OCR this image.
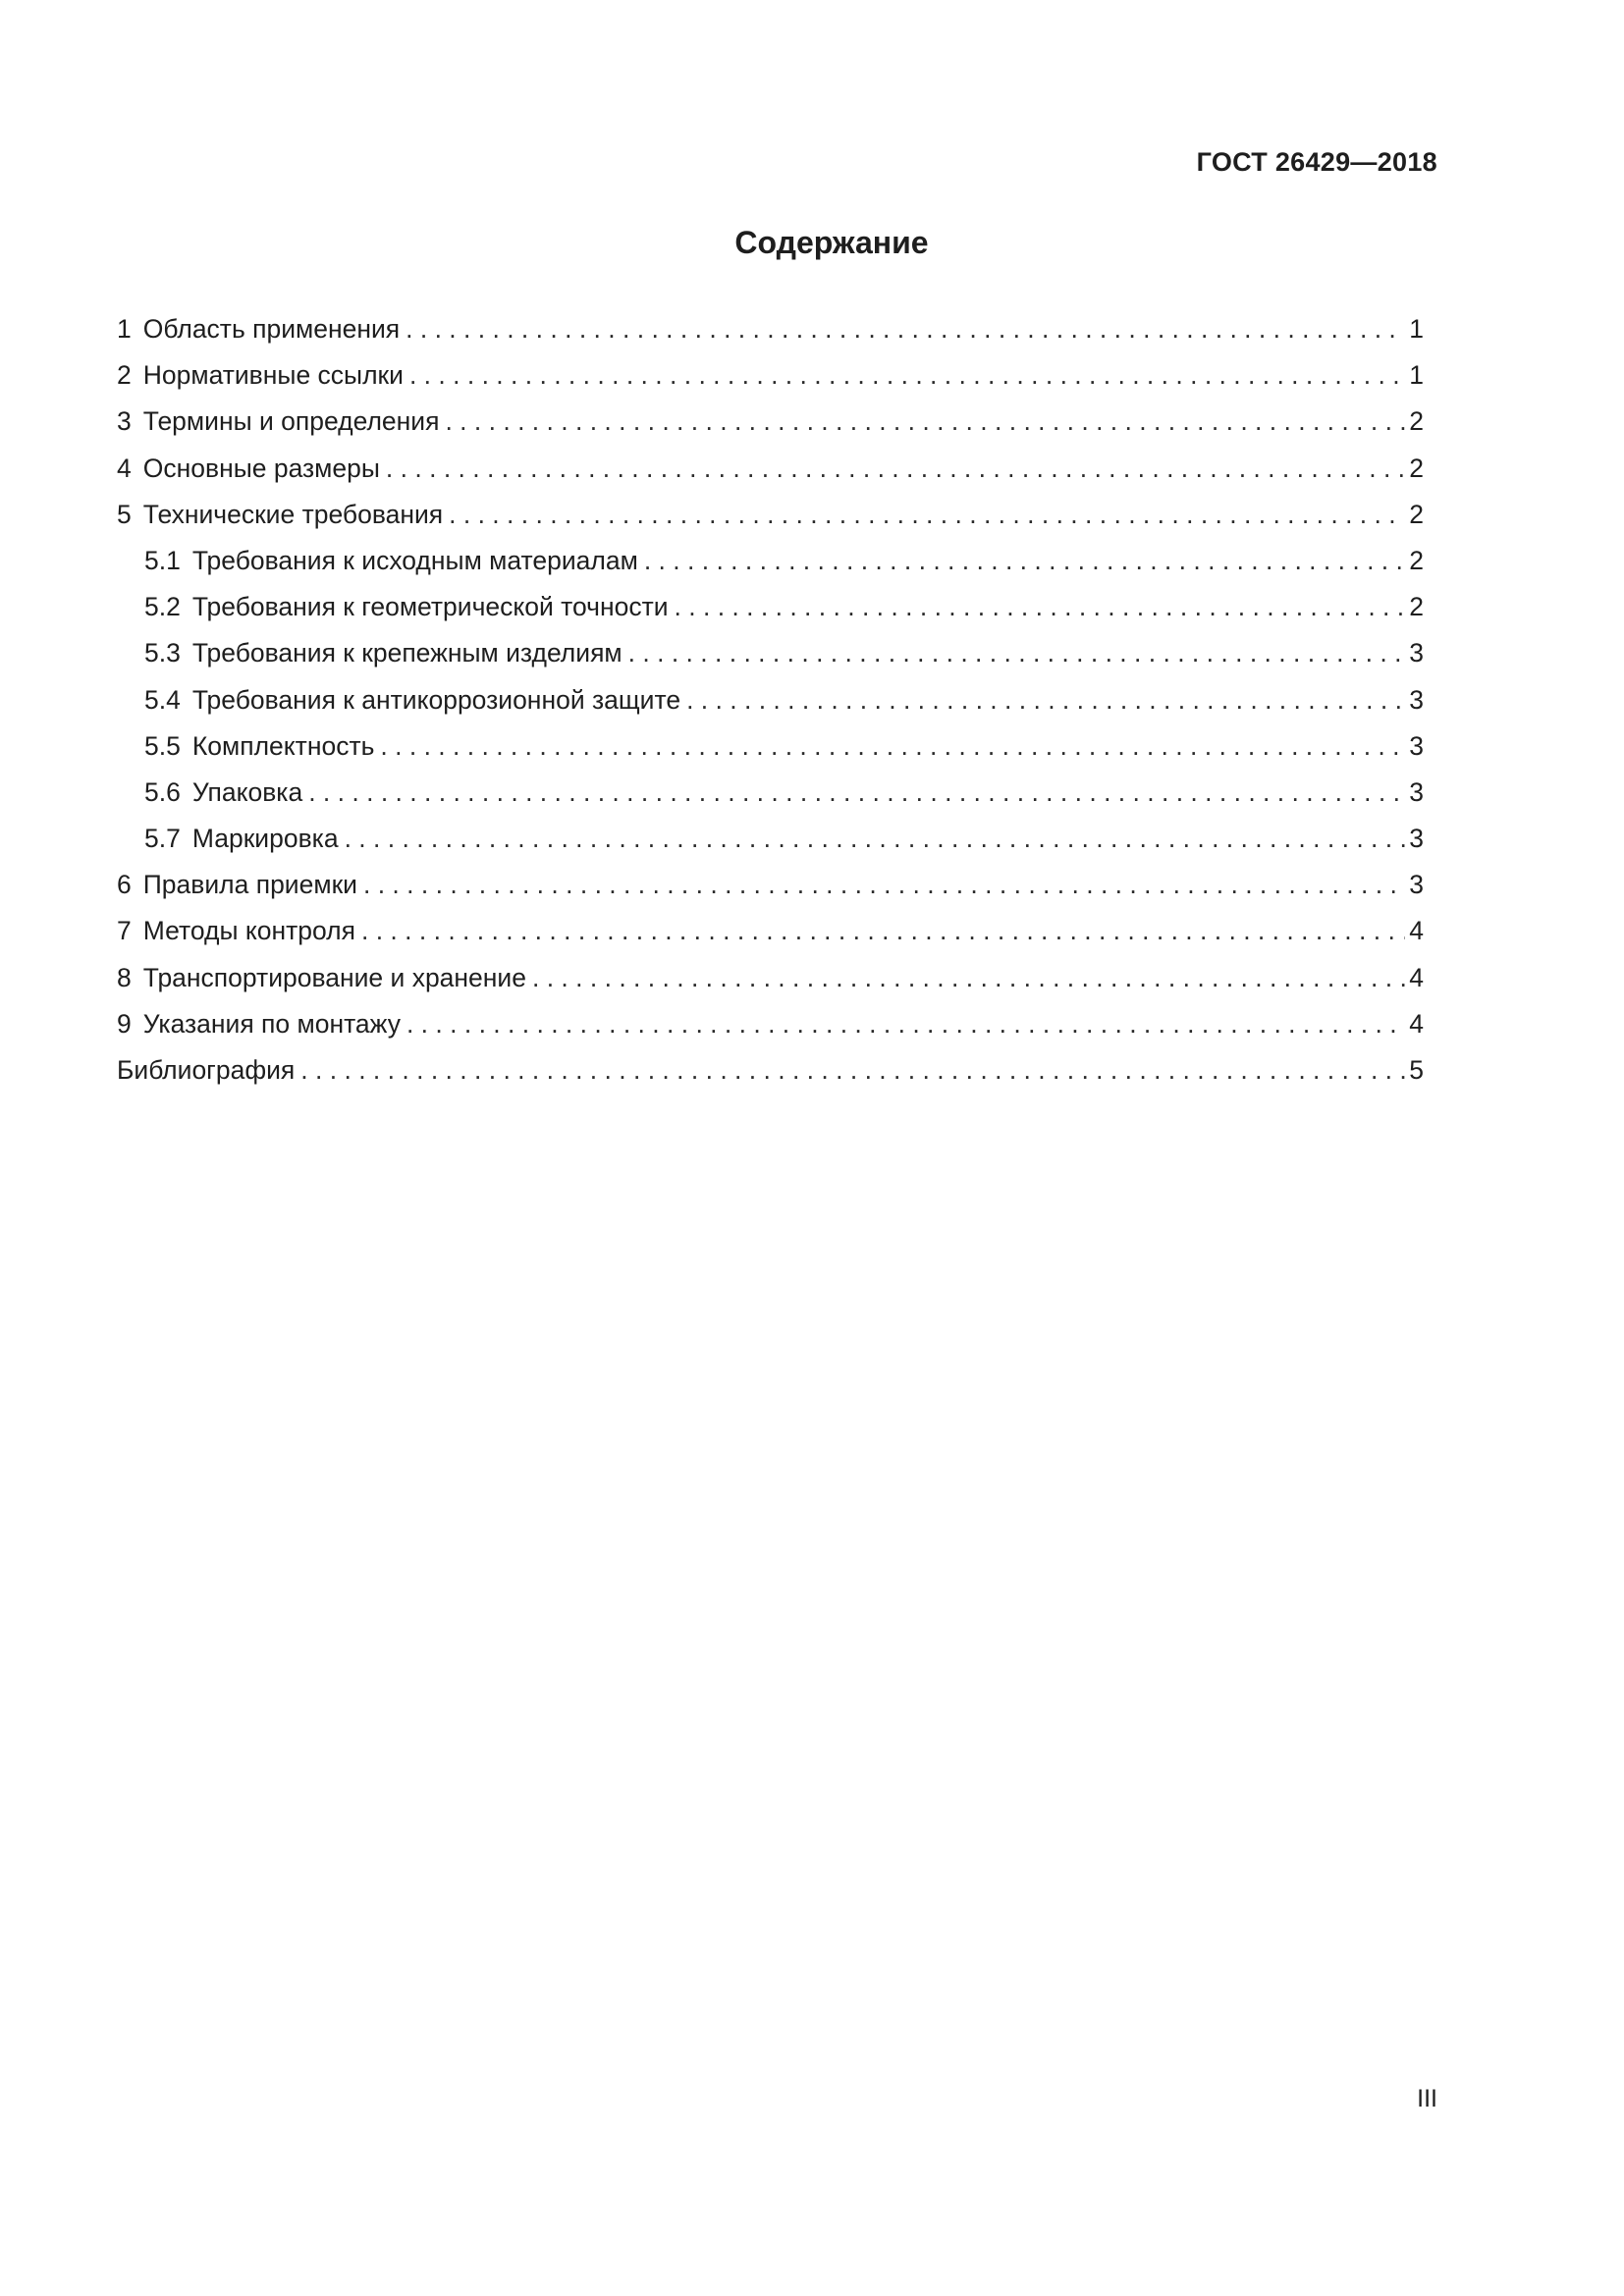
ГОСТ 26429—2018
Содержание
1 Область применения . . .	1
2 Нормативные ссылки . . .	1
3 Термины и определения . . .	2
4 Основные размеры . . .	2
5 Технические требования . . .	2
5.1 Требования к исходным материалам . . .	2
5.2 Требования к геометрической точности . . .	2
5.3 Требования к крепежным изделиям . . .	3
5.4 Требования к антикоррозионной защите . . .	3
5.5 Комплектность . . .	3
5.6 Упаковка . . .	3
5.7 Маркировка . . .	3
6 Правила приемки . . .	3
7 Методы контроля . . .	4
8 Транспортирование и хранение . . .	4
9 Указания по монтажу . . .	4
Библиография . . .	5
III
